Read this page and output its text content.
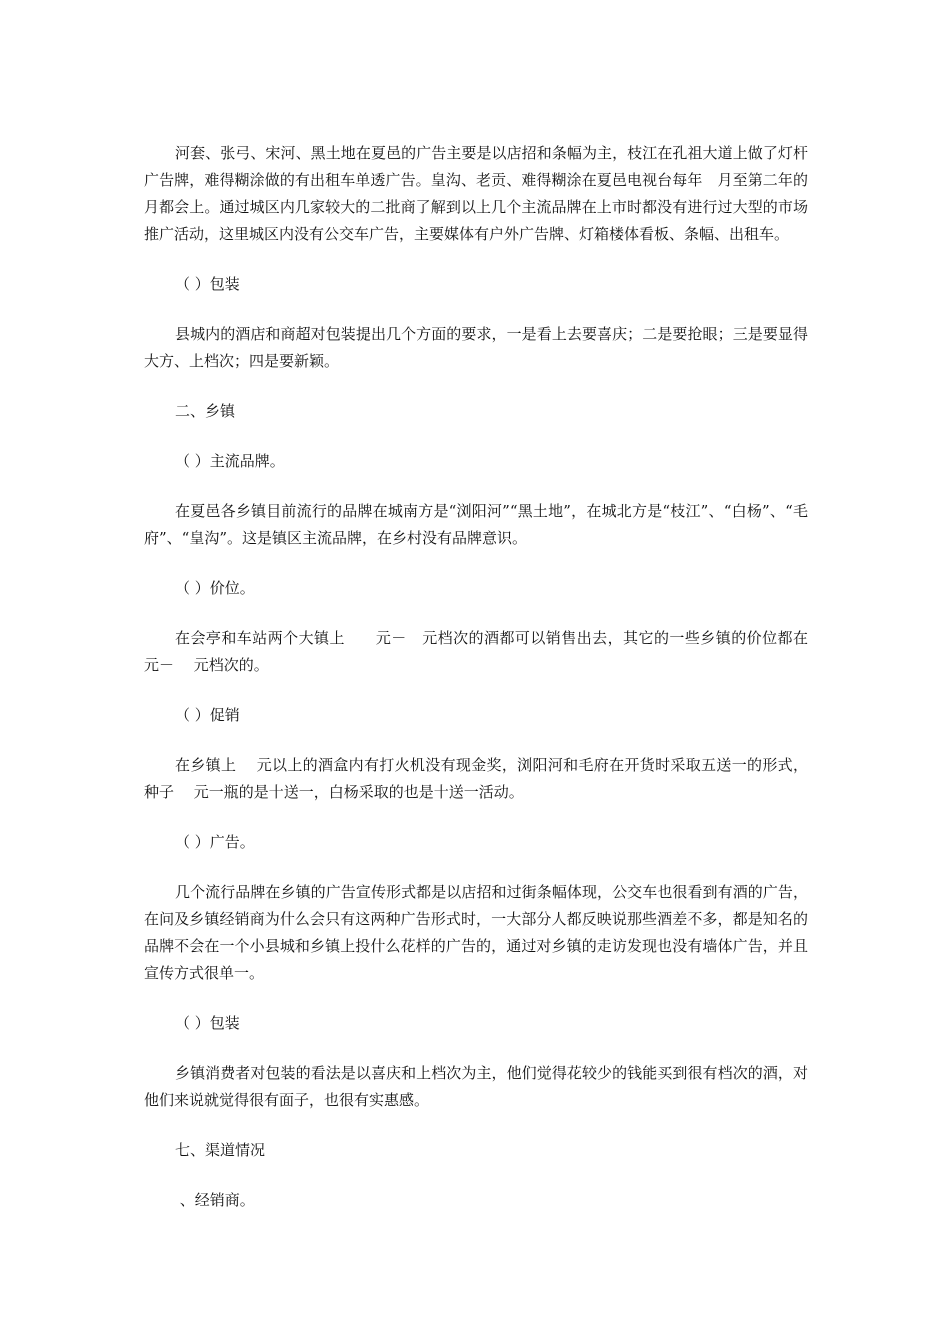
河套、张弓、宋河、黑土地在夏邑的广告主要是以店招和条幅为主，枝江在孔祖大道上做了灯杆广告牌，难得糊涂做的有出租车单透广告。皇沟、老贡、难得糊涂在夏邑电视台每年　月至第二年的　月都会上。通过城区内几家较大的二批商了解到以上几个主流品牌在上市时都没有进行过大型的市场推广活动，这里城区内没有公交车广告，主要媒体有户外广告牌、灯箱楼体看板、条幅、出租车。

（ ）包装

县城内的酒店和商超对包装提出几个方面的要求，一是看上去要喜庆；二是要抢眼；三是要显得大方、上档次；四是要新颖。

二、乡镇

（ ）主流品牌。

在夏邑各乡镇目前流行的品牌在城南方是“浏阳河”“黑土地”，在城北方是“枝江”、“白杨”、“毛府”、“皇沟”。这是镇区主流品牌，在乡村没有品牌意识。

（ ）价位。

在会亭和车站两个大镇上　　元－　元档次的酒都可以销售出去，其它的一些乡镇的价位都在　元－　 元档次的。

（ ）促销

在乡镇上　 元以上的酒盒内有打火机没有现金奖，浏阳河和毛府在开货时采取五送一的形式，种子　 元一瓶的是十送一，白杨采取的也是十送一活动。

（ ）广告。

几个流行品牌在乡镇的广告宣传形式都是以店招和过街条幅体现，公交车也很看到有酒的广告，在问及乡镇经销商为什么会只有这两种广告形式时，一大部分人都反映说那些酒差不多，都是知名的品牌不会在一个小县城和乡镇上投什么花样的广告的，通过对乡镇的走访发现也没有墙体广告，并且宣传方式很单一。

（ ）包装

乡镇消费者对包装的看法是以喜庆和上档次为主，他们觉得花较少的钱能买到很有档次的酒，对他们来说就觉得很有面子，也很有实惠感。

七、渠道情况

、经销商。
